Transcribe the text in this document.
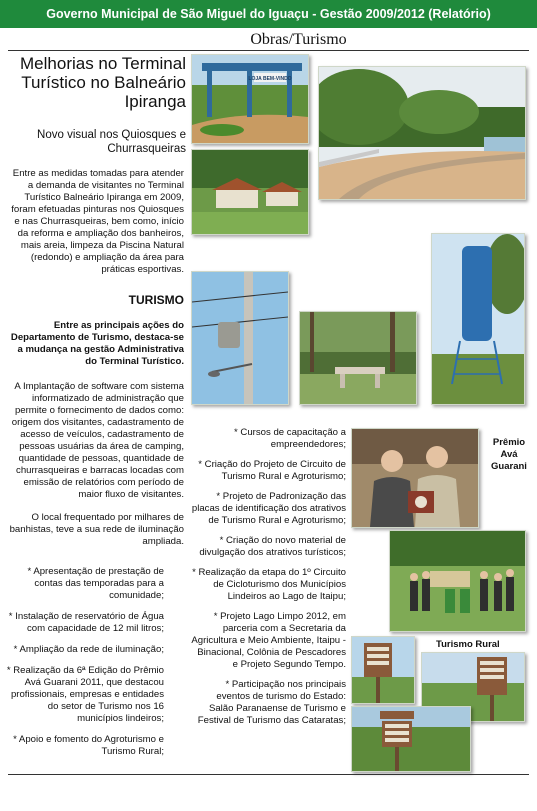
Governo Municipal de São Miguel do Iguaçu - Gestão 2009/2012 (Relatório)
Obras/Turismo
Melhorias no Terminal Turístico no Balneário Ipiranga
Novo visual nos Quiosques e Churrasqueiras
Entre as medidas tomadas para atender a demanda de visitantes no Terminal Turístico Balneário Ipiranga em 2009, foram efetuadas pinturas nos Quiosques e nas Churrasqueiras, bem como, início da reforma e ampliação dos banheiros, mais areia, limpeza da Piscina Natural (redondo) e ampliação da área para práticas esportivas.
TURISMO
Entre as principais ações do Departamento de Turismo, destaca-se a mudança na gestão Administrativa do Terminal Turístico.
A Implantação de software com sistema informatizado de administração que permite o fornecimento de dados como: origem dos visitantes, cadastramento de acesso de veículos, cadastramento de pessoas usuárias da área de camping, quantidade de pessoas, quantidade de churrasqueiras e barracas locadas com emissão de relatórios com período de maior fluxo de visitantes.
O local frequentado por milhares de banhistas, teve a sua rede de iluminação ampliada.
* Apresentação de prestação de contas das temporadas para a comunidade;
* Instalação de reservatório de Água com capacidade de 12 mil litros;
* Ampliação da rede de iluminação;
* Realização da 6ª Edição do Prêmio Avá Guarani 2011, que destacou profissionais, empresas e entidades do setor de Turismo nos 16 municípios lindeiros;
* Apoio e fomento do Agroturismo e Turismo Rural;
* Cursos de capacitação a empreendedores;
* Criação do Projeto de Circuito de Turismo Rural e Agroturismo;
* Projeto de Padronização das placas de identificação dos atrativos de Turismo Rural e Agroturismo;
* Criação do novo material de divulgação dos atrativos turísticos;
* Realização da etapa do 1º Circuito de Cicloturismo dos Municípios Lindeiros ao Lago de Itaipu;
* Projeto Lago Limpo 2012, em parceria com a Secretaria da Agricultura e Meio Ambiente, Itaipu - Binacional, Colônia de Pescadores e Projeto Segundo Tempo.
* Participação nos principais eventos de turismo do Estado: Salão Paranaense de Turismo e Festival de Turismo das Cataratas;
LOJA BEM-VINDO
Prêmio
Avá
Guarani
Turismo Rural
